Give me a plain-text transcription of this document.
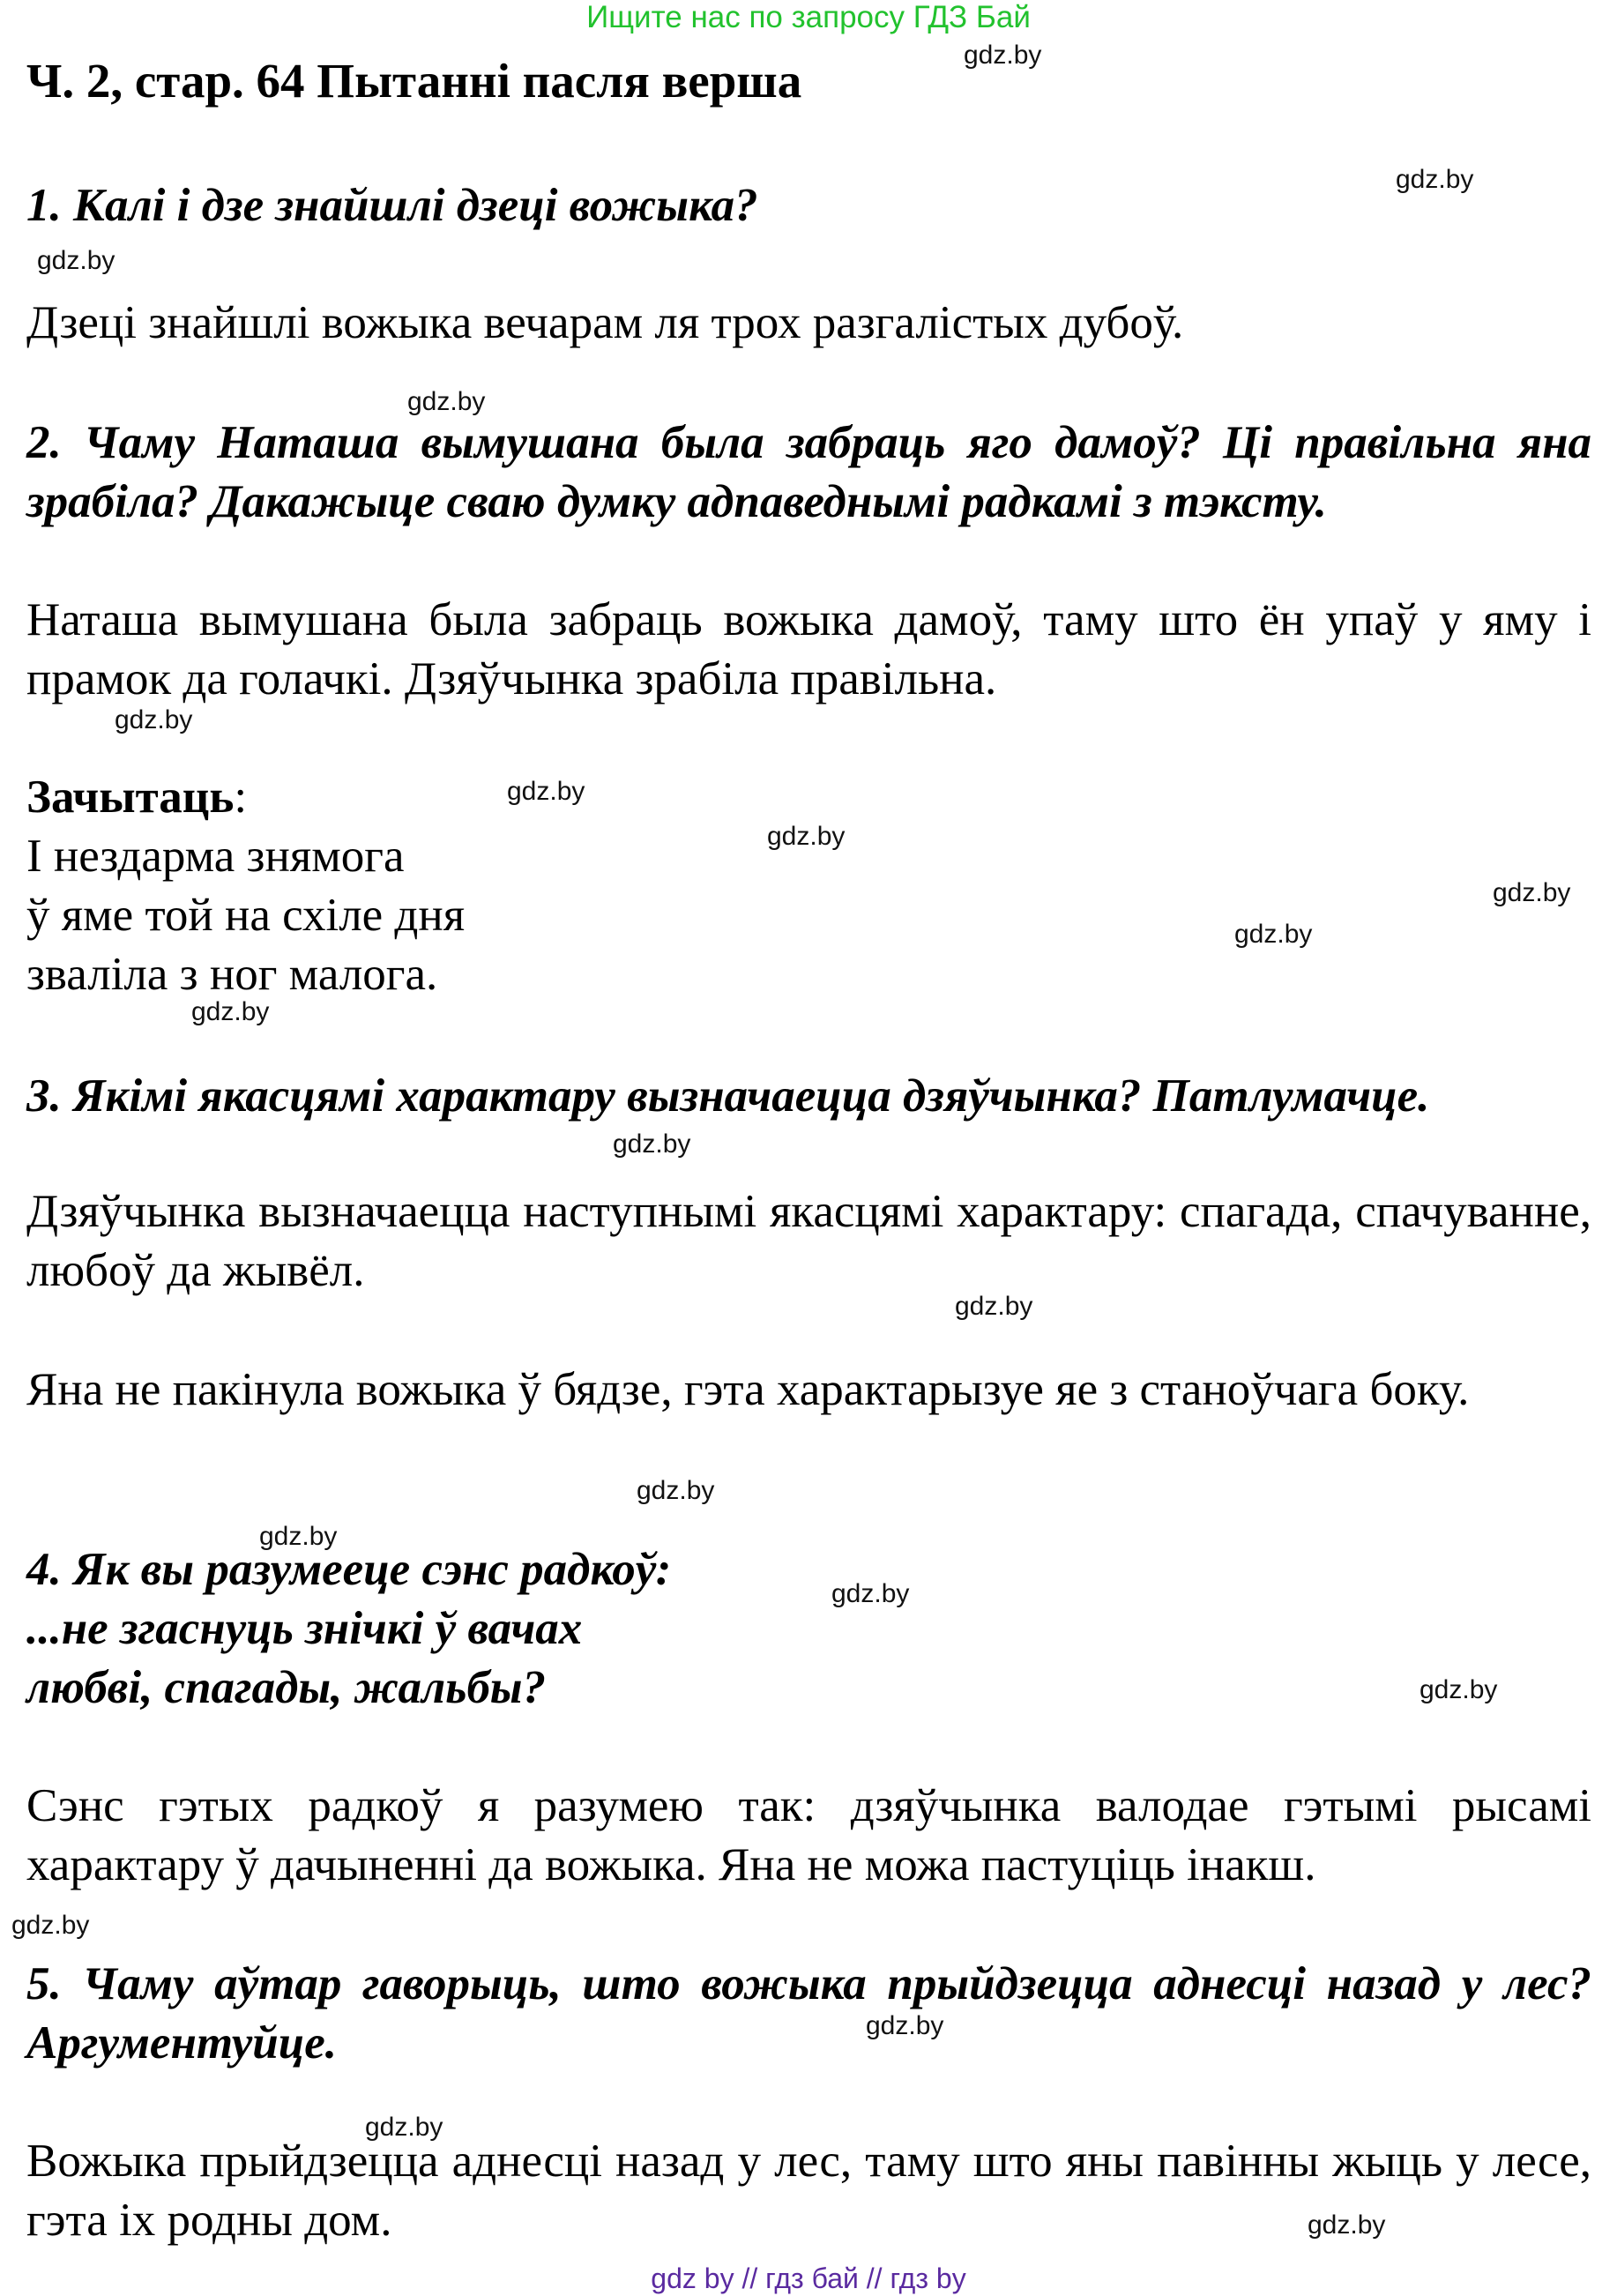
Ищите нас по запросу ГДЗ Бай
Ч. 2, стар. 64 Пытанні пасля верша
1. Калі і дзе знайшлі дзеці вожыка?
Дзеці знайшлі вожыка вечарам ля трох разгалістых дубоў.
2. Чаму Наташа вымушана была забраць яго дамоў? Ці правільна яна зрабіла? Дакажыце сваю думку адпаведнымі радкамі з тэксту.
Наташа вымушана была забраць вожыка дамоў, таму што ён упаў у яму і прамок да голачкі. Дзяўчынка зрабіла правільна.
Зачытаць:
І нездарма знямога
ў яме той на схіле дня
зваліла з ног малога.
3. Якімі якасцямі характару вызначаецца дзяўчынка? Патлумачце.
Дзяўчынка вызначаецца наступнымі якасцямі характару: спагада, спачуванне, любоў да жывёл.
Яна не пакінула вожыка ў бядзе, гэта характарызуе яе з станоўчага боку.
4. Як вы разумееце сэнс радкоў:
...не згаснуць знічкі ў вачах
любві, спагады, жальбы?
Сэнс гэтых радкоў я разумею так: дзяўчынка валодае гэтымі рысамі характару ў дачыненні да вожыка. Яна не можа пастуціць інакш.
5. Чаму аўтар гаворыць, што вожыка прыйдзецца аднесці назад у лес? Аргументуйце.
Вожыка прыйдзецца аднесці назад у лес, таму што яны павінны жыць у лесе, гэта іх родны дом.
gdz.by
gdz.by
gdz.by
gdz.by
gdz.by
gdz.by
gdz.by
gdz.by
gdz.by
gdz.by
gdz.by
gdz.by
gdz.by
gdz.by
gdz.by
gdz.by
gdz.by
gdz.by
gdz.by
gdz.by
gdz by // гдз бай // гдз by
